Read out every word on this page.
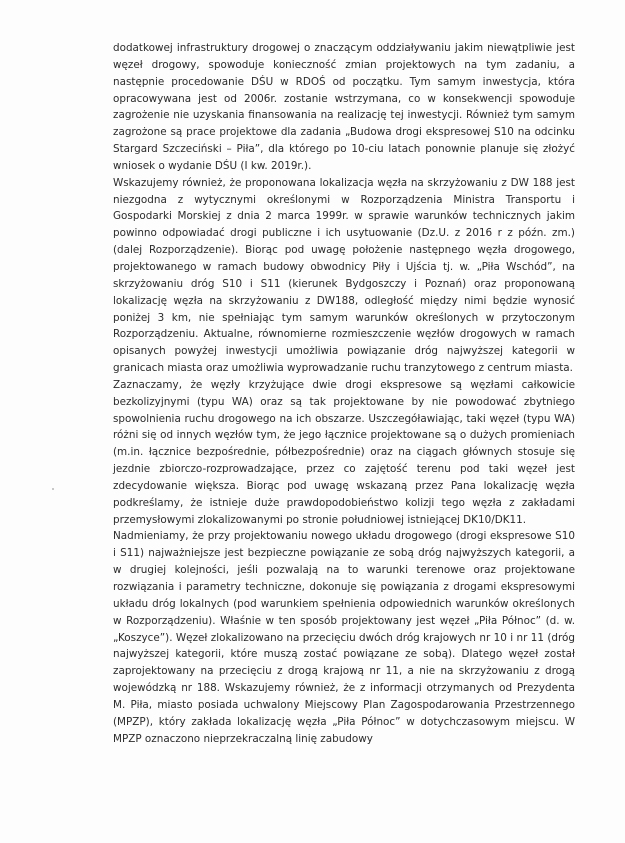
dodatkowej infrastruktury drogowej o znaczącym oddziaływaniu jakim niewątpliwie jest węzeł drogowy, spowoduje konieczność zmian projektowych na tym zadaniu, a następnie procedowanie DŚU w RDOŚ od początku. Tym samym inwestycja, która opracowywana jest od 2006r. zostanie wstrzymana, co w konsekwencji spowoduje zagrożenie nie uzyskania finansowania na realizację tej inwestycji. Również tym samym zagrożone są prace projektowe dla zadania „Budowa drogi ekspresowej S10 na odcinku Stargard Szczeciński – Piła”, dla którego po 10-ciu latach ponownie planuje się złożyć wniosek o wydanie DŚU (I kw. 2019r.).

Wskazujemy również, że proponowana lokalizacja węzła na skrzyżowaniu z DW 188 jest niezgodna z wytycznymi określonymi w Rozporządzenia Ministra Transportu i Gospodarki Morskiej z dnia 2 marca 1999r. w sprawie warunków technicznych jakim powinno odpowiadać drogi publiczne i ich usytuowanie (Dz.U. z 2016 r z późn. zm.) (dalej Rozporządzenie). Biorąc pod uwagę położenie następnego węzła drogowego, projektowanego w ramach budowy obwodnicy Piły i Ujścia tj. w. „Piła Wschód”, na skrzyżowaniu dróg S10 i S11 (kierunek Bydgoszczy i Poznań) oraz proponowaną lokalizację węzła na skrzyżowaniu z DW188, odległość między nimi będzie wynosić poniżej 3 km, nie spełniając tym samym warunków określonych w przytoczonym Rozporządzeniu. Aktualne, równomierne rozmieszczenie węzłów drogowych w ramach opisanych powyżej inwestycji umożliwia powiązanie dróg najwyższej kategorii w granicach miasta oraz umożliwia wyprowadzanie ruchu tranzytowego z centrum miasta.

Zaznaczamy, że węzły krzyżujące dwie drogi ekspresowe są węzłami całkowicie bezkolizyjnymi (typu WA) oraz są tak projektowane by nie powodować zbytniego spowolnienia ruchu drogowego na ich obszarze. Uszczegóławiając, taki węzeł (typu WA) różni się od innych węzłów tym, że jego łącznice projektowane są o dużych promieniach (m.in. łącznice bezpośrednie, półbezpośrednie) oraz na ciągach głównych stosuje się jezdnie zbiorczo-rozprowadzające, przez co zajętość terenu pod taki węzeł jest zdecydowanie większa. Biorąc pod uwagę wskazaną przez Pana lokalizację węzła podkreślamy, że istnieje duże prawdopodobieństwo kolizji tego węzła z zakładami przemysłowymi zlokalizowanymi po stronie południowej istniejącej DK10/DK11.

Nadmieniamy, że przy projektowaniu nowego układu drogowego (drogi ekspresowe S10 i S11) najważniejsze jest bezpieczne powiązanie ze sobą dróg najwyższych kategorii, a w drugiej kolejności, jeśli pozwalają na to warunki terenowe oraz projektowane rozwiązania i parametry techniczne, dokonuje się powiązania z drogami ekspresowymi układu dróg lokalnych (pod warunkiem spełnienia odpowiednich warunków określonych w Rozporządzeniu). Właśnie w ten sposób projektowany jest węzeł „Piła Północ” (d. w. „Koszyce”). Węzeł zlokalizowano na przecięciu dwóch dróg krajowych nr 10 i nr 11 (dróg najwyższej kategorii, które muszą zostać powiązane ze sobą). Dlatego węzeł został zaprojektowany na przecięciu z drogą krajową nr 11, a nie na skrzyżowaniu z drogą wojewódzką nr 188. Wskazujemy również, że z informacji otrzymanych od Prezydenta M. Piła, miasto posiada uchwalony Miejscowy Plan Zagospodarowania Przestrzennego (MPZP), który zakłada lokalizację węzła „Piła Północ” w dotychczasowym miejscu. W MPZP oznaczono nieprzekraczalną linię zabudowy
